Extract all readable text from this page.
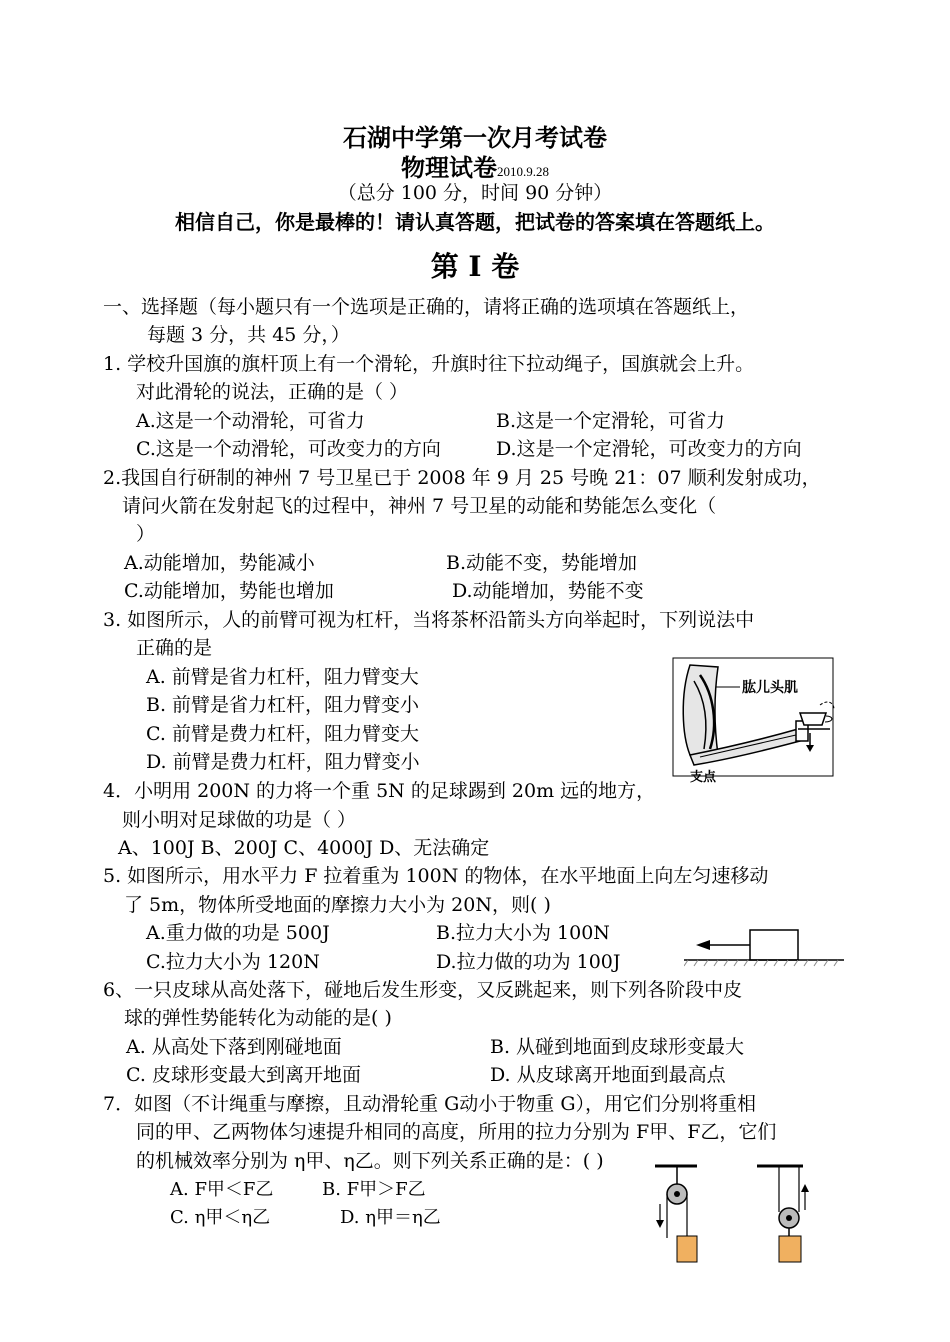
石湖中学第一次月考试卷
物理试卷2010.9.28
（总分 100 分，时间 90 分钟）
相信自己，你是最棒的！请认真答题，把试卷的答案填在答题纸上。
第 I 卷
一、选择题（每小题只有一个选项是正确的，请将正确的选项填在答题纸上，
每题 3 分，共 45 分，）
1. 学校升国旗的旗杆顶上有一个滑轮，升旗时往下拉动绳子，国旗就会上升。
对此滑轮的说法，正确的是（ ）
A.这是一个动滑轮，可省力	B.这是一个定滑轮，可省力
C.这是一个动滑轮，可改变力的方向	D.这是一个定滑轮，可改变力的方向
2.我国自行研制的神州 7 号卫星已于 2008 年 9 月 25 号晚 21：07 顺利发射成功，
请问火箭在发射起飞的过程中，神州 7 号卫星的动能和势能怎么变化（
）
A.动能增加，势能减小	B.动能不变，势能增加
C.动能增加，势能也增加	D.动能增加，势能不变
3. 如图所示，人的前臂可视为杠杆，当将茶杯沿箭头方向举起时，下列说法中
正确的是
A. 前臂是省力杠杆，阻力臂变大
B. 前臂是省力杠杆，阻力臂变小
C. 前臂是费力杠杆，阻力臂变大
D. 前臂是费力杠杆，阻力臂变小
肱儿头肌
支点
4．小明用 200N 的力将一个重 5N 的足球踢到 20m 远的地方，
则小明对足球做的功是（ ）
A、100J B、200J C、4000J D、无法确定
5. 如图所示，用水平力 F 拉着重为 100N 的物体，在水平地面上向左匀速移动
了 5m，物体所受地面的摩擦力大小为 20N，则( )
A.重力做的功是 500J	B.拉力大小为 100N
C.拉力大小为 120N	D.拉力做的功为 100J
6、一只皮球从高处落下，碰地后发生形变，又反跳起来，则下列各阶段中皮
球的弹性势能转化为动能的是( )
A. 从高处下落到刚碰地面	B. 从碰到地面到皮球形变最大
C. 皮球形变最大到离开地面	D. 从皮球离开地面到最高点
7．如图（不计绳重与摩擦，且动滑轮重 G动小于物重 G），用它们分别将重相
同的甲、乙两物体匀速提升相同的高度，所用的拉力分别为 F甲、F乙，它们
的机械效率分别为 η甲、η乙。则下列关系正确的是：( )
A. F甲＜F乙	B. F甲＞F乙
C. η甲＜η乙	D. η甲＝η乙
